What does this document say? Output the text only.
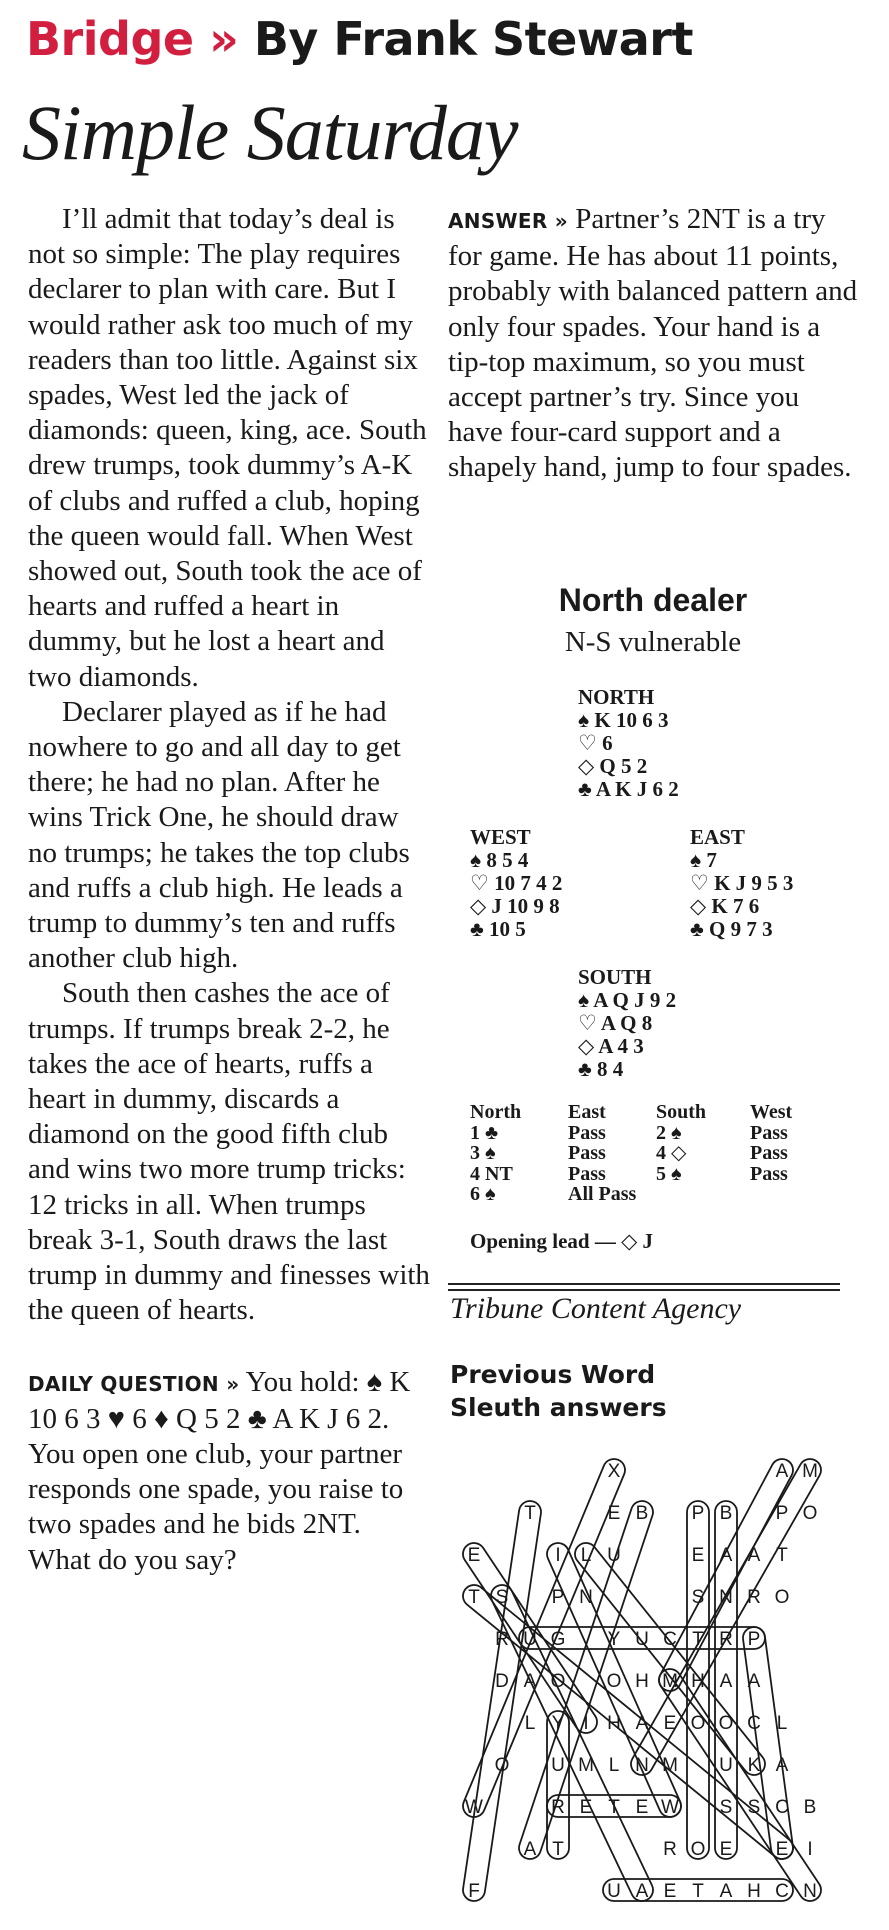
Bridge » By Frank Stewart
Simple Saturday

I’ll admit that today’s deal is not so simple: The play requires declarer to plan with care. But I would rather ask too much of my readers than too little. Against six spades, West led the jack of diamonds: queen, king, ace. South drew trumps, took dummy’s A-K of clubs and ruffed a club, hoping the queen would fall. When West showed out, South took the ace of hearts and ruffed a heart in dummy, but he lost a heart and two diamonds.

Declarer played as if he had nowhere to go and all day to get there; he had no plan. After he wins Trick One, he should draw no trumps; he takes the top clubs and ruffs a club high. He leads a trump to dummy’s ten and ruffs another club high.

South then cashes the ace of trumps. If trumps break 2-2, he takes the ace of hearts, ruffs a heart in dummy, discards a diamond on the good fifth club and wins two more trump tricks: 12 tricks in all. When trumps break 3-1, South draws the last trump in dummy and finesses with the queen of hearts.

DAILY QUESTION » You hold: ♠ K 10 6 3 ♥ 6 ♦ Q 5 2 ♣ A K J 6 2. You open one club, your partner responds one spade, you raise to two spades and he bids 2NT. What do you say?

ANSWER » Partner’s 2NT is a try for game. He has about 11 points, probably with balanced pattern and only four spades. Your hand is a tip-top maximum, so you must accept partner’s try. Since you have four-card support and a shapely hand, jump to four spades.

North dealer
N-S vulnerable
NORTH
♠ K 10 6 3
♡ 6
◇ Q 5 2
♣ A K J 6 2
WEST
♠ 8 5 4
♡ 10 7 4 2
◇ J 10 9 8
♣ 10 5
EAST
♠ 7
♡ K J 9 5 3
◇ K 7 6
♣ Q 9 7 3
SOUTH
♠ A Q J 9 2
♡ A Q 8
◇ A 4 3
♣ 8 4
North	East	South	West
1 ♣	Pass	2 ♠	Pass
3 ♠	Pass	4 ◇	Pass
4 NT	Pass	5 ♠	Pass
6 ♠	All Pass		
Opening lead — ◇ J
Tribune Content Agency
Previous Word
Sleuth answers
X	A M
T	E B P B P O
E	I L U	E A A T
T S P N	S N R O
R U G Y U C T R P
D A O O H M H A A
L Y I H A E O O C L
O U M L N M U K A
W	R E T E W S S C B
A T	R O E E I
F	U A E T A H C N
